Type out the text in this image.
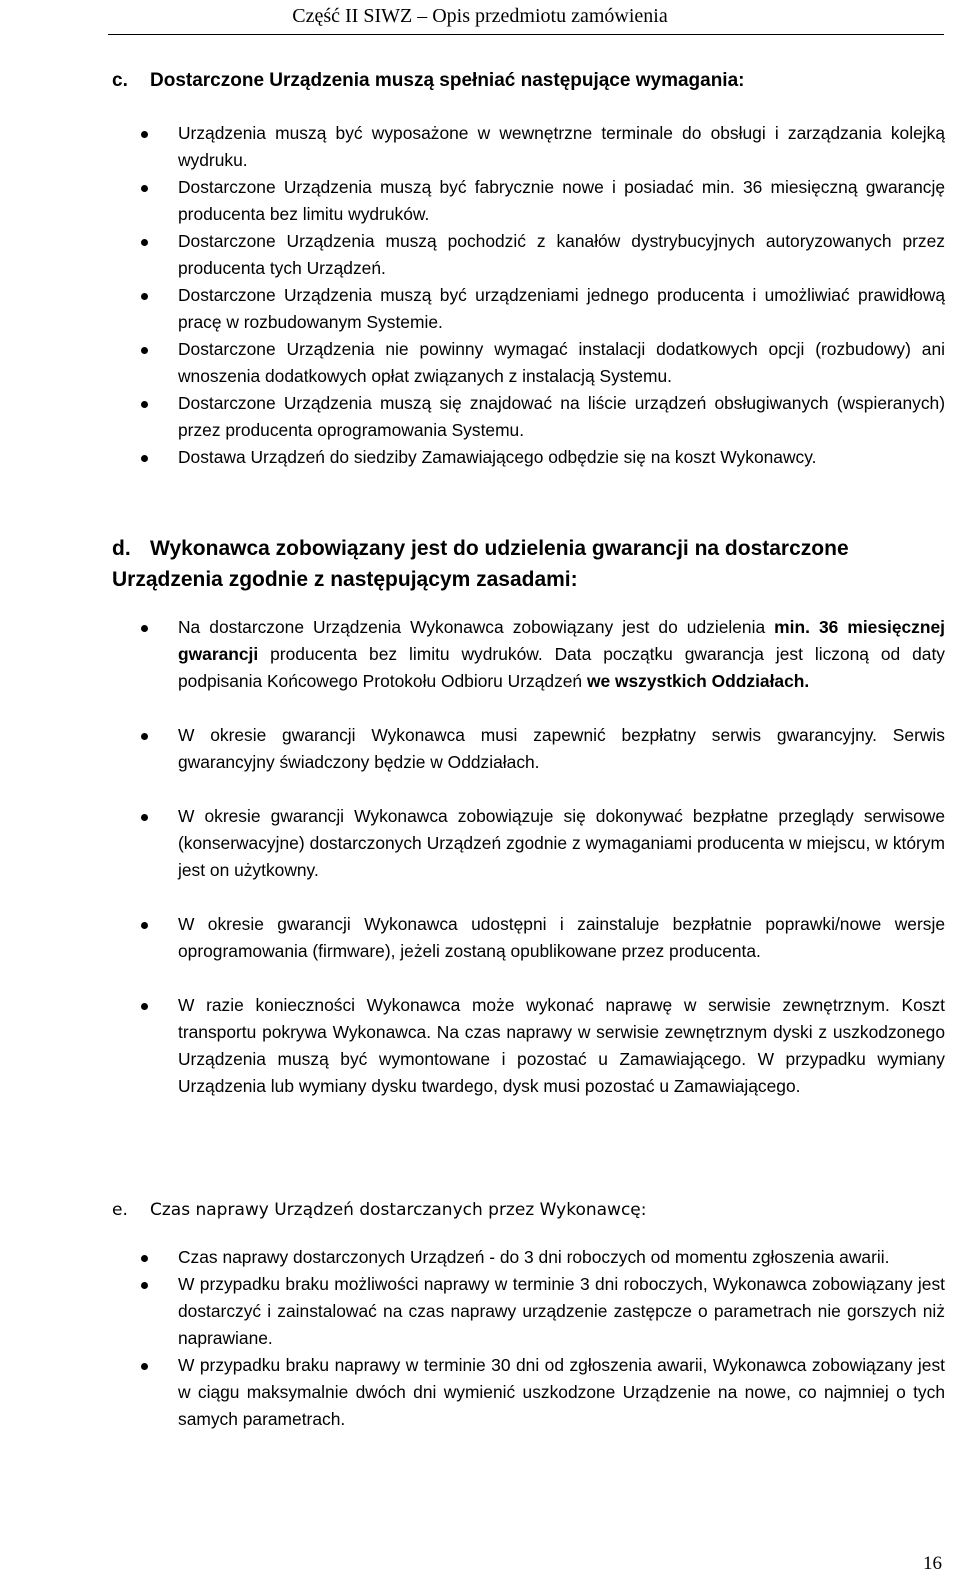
Część II SIWZ – Opis przedmiotu zamówienia
c. Dostarczone Urządzenia muszą spełniać następujące wymagania:
Urządzenia muszą być wyposażone w wewnętrzne terminale do obsługi i zarządzania kolejką wydruku.
Dostarczone Urządzenia muszą być fabrycznie nowe i posiadać min. 36 miesięczną gwarancję producenta bez limitu wydruków.
Dostarczone Urządzenia muszą pochodzić z kanałów dystrybucyjnych autoryzowanych przez producenta tych Urządzeń.
Dostarczone Urządzenia muszą być urządzeniami jednego producenta i umożliwiać prawidłową pracę w rozbudowanym Systemie.
Dostarczone Urządzenia nie powinny wymagać instalacji dodatkowych opcji (rozbudowy) ani wnoszenia dodatkowych opłat związanych z instalacją Systemu.
Dostarczone Urządzenia muszą się znajdować na liście urządzeń obsługiwanych (wspieranych) przez producenta oprogramowania Systemu.
Dostawa Urządzeń do siedziby Zamawiającego odbędzie się na koszt Wykonawcy.
d. Wykonawca zobowiązany jest do udzielenia gwarancji na dostarczone Urządzenia zgodnie z następującym zasadami:
Na dostarczone Urządzenia Wykonawca zobowiązany jest do udzielenia min. 36 miesięcznej gwarancji producenta bez limitu wydruków. Data początku gwarancja jest liczoną od daty podpisania Końcowego Protokołu Odbioru Urządzeń we wszystkich Oddziałach.
W okresie gwarancji Wykonawca musi zapewnić bezpłatny serwis gwarancyjny. Serwis gwarancyjny świadczony będzie w Oddziałach.
W okresie gwarancji Wykonawca zobowiązuje się dokonywać bezpłatne przeglądy serwisowe (konserwacyjne) dostarczonych Urządzeń zgodnie z wymaganiami producenta w miejscu, w którym jest on użytkowny.
W okresie gwarancji Wykonawca udostępni i zainstaluje bezpłatnie poprawki/nowe wersje oprogramowania (firmware), jeżeli zostaną opublikowane przez producenta.
W razie konieczności Wykonawca może wykonać naprawę w serwisie zewnętrznym. Koszt transportu pokrywa Wykonawca. Na czas naprawy w serwisie zewnętrznym dyski z uszkodzonego Urządzenia muszą być wymontowane i pozostać u Zamawiającego. W przypadku wymiany Urządzenia lub wymiany dysku twardego, dysk musi pozostać u Zamawiającego.
e. Czas naprawy Urządzeń dostarczanych przez Wykonawcę:
Czas naprawy dostarczonych Urządzeń - do 3 dni roboczych od momentu zgłoszenia awarii.
W przypadku braku możliwości naprawy w terminie 3 dni roboczych, Wykonawca zobowiązany jest dostarczyć i zainstalować na czas naprawy urządzenie zastępcze o parametrach nie gorszych niż naprawiane.
W przypadku braku naprawy w terminie 30 dni od zgłoszenia awarii, Wykonawca zobowiązany jest w ciągu maksymalnie dwóch dni wymienić uszkodzone Urządzenie na nowe, co najmniej o tych samych parametrach.
16
